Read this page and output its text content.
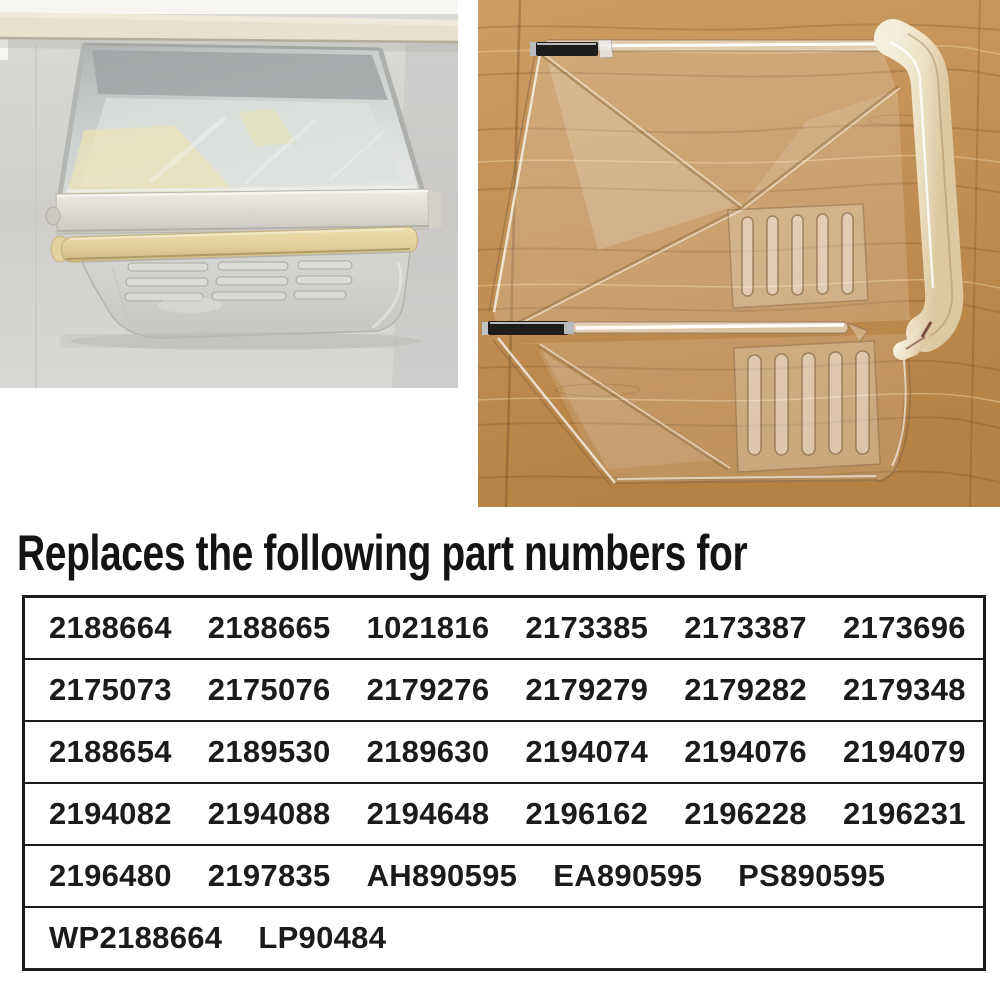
Replaces the following part numbers for
2188664 2188665 1021816 2173385 2173387 2173696
2175073 2175076 2179276 2179279 2179282 2179348
2188654 2189530 2189630 2194074 2194076 2194079
2194082 2194088 2194648 2196162 2196228 2196231
2196480 2197835 AH890595 EA890595 PS890595
WP2188664 LP90484
